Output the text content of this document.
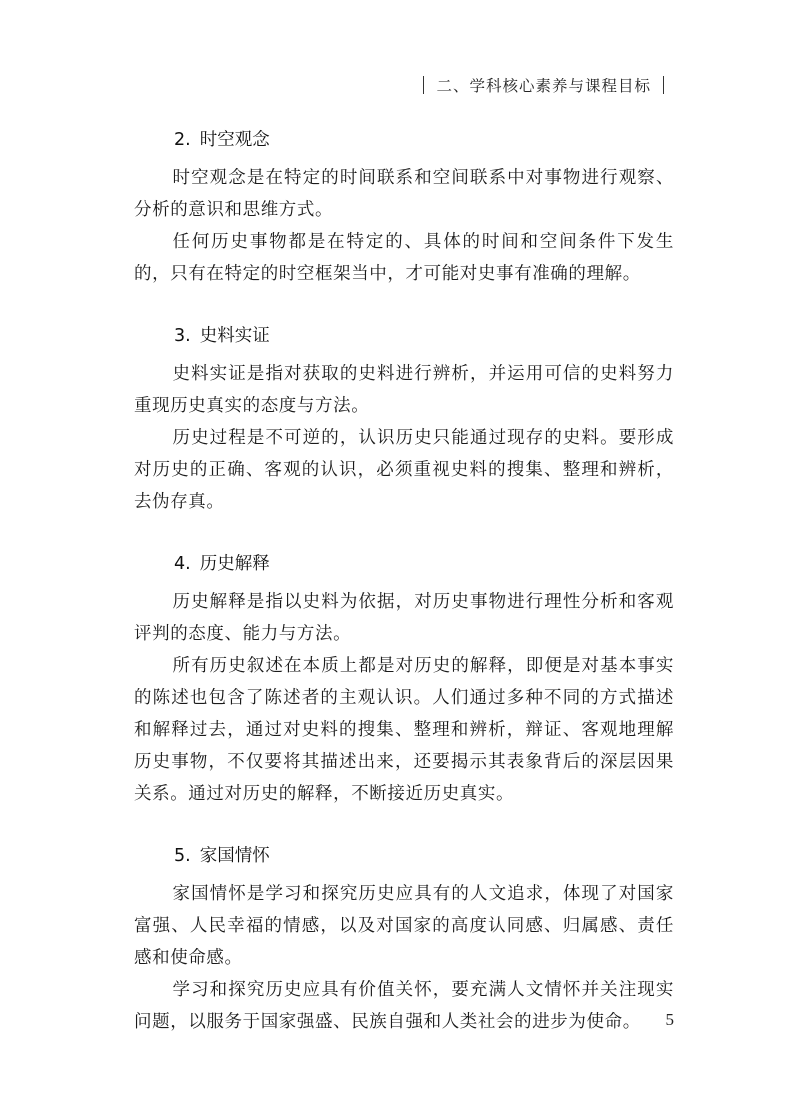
二、学科核心素养与课程目标
2. 时空观念

时空观念是在特定的时间联系和空间联系中对事物进行观察、分析的意识和思维方式。

任何历史事物都是在特定的、具体的时间和空间条件下发生的，只有在特定的时空框架当中，才可能对史事有准确的理解。

3. 史料实证

史料实证是指对获取的史料进行辨析，并运用可信的史料努力重现历史真实的态度与方法。

历史过程是不可逆的，认识历史只能通过现存的史料。要形成对历史的正确、客观的认识，必须重视史料的搜集、整理和辨析，去伪存真。

4. 历史解释

历史解释是指以史料为依据，对历史事物进行理性分析和客观评判的态度、能力与方法。

所有历史叙述在本质上都是对历史的解释，即便是对基本事实的陈述也包含了陈述者的主观认识。人们通过多种不同的方式描述和解释过去，通过对史料的搜集、整理和辨析，辩证、客观地理解历史事物，不仅要将其描述出来，还要揭示其表象背后的深层因果关系。通过对历史的解释，不断接近历史真实。

5. 家国情怀

家国情怀是学习和探究历史应具有的人文追求，体现了对国家富强、人民幸福的情感，以及对国家的高度认同感、归属感、责任感和使命感。

学习和探究历史应具有价值关怀，要充满人文情怀并关注现实问题，以服务于国家强盛、民族自强和人类社会的进步为使命。	5
